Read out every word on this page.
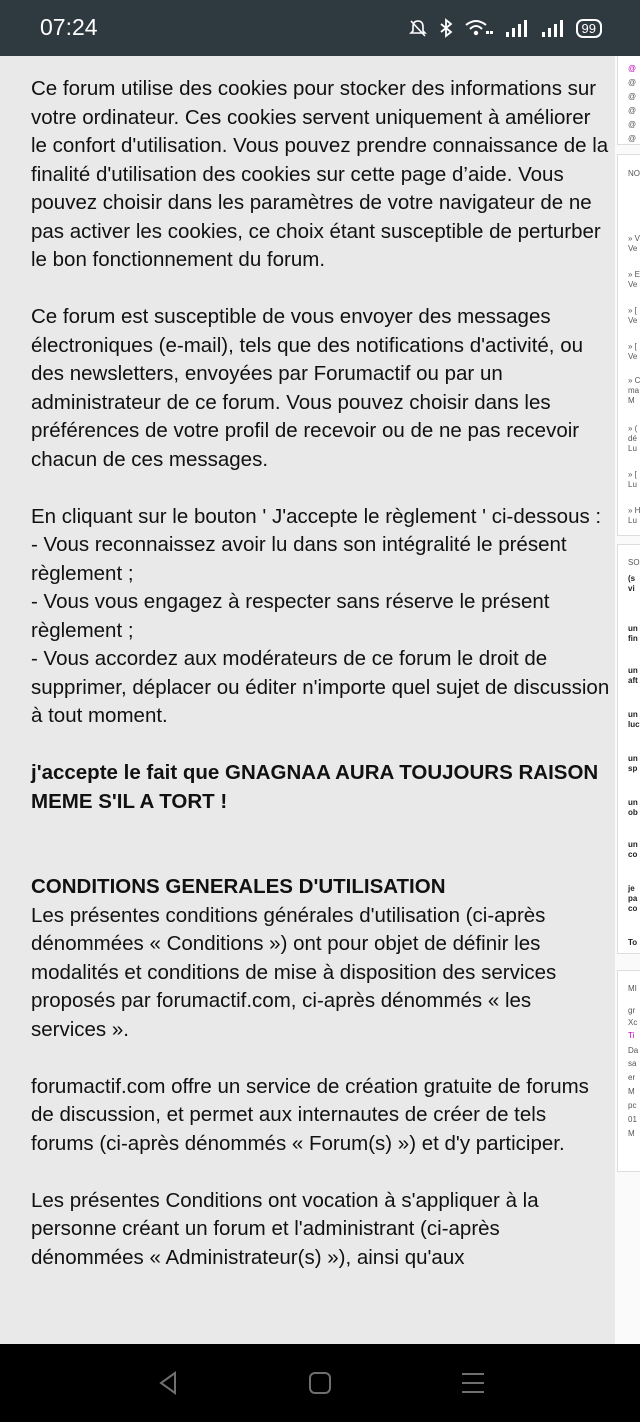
07:24	99

Ce forum utilise des cookies pour stocker des informations sur votre ordinateur. Ces cookies servent uniquement à améliorer le confort d'utilisation. Vous pouvez prendre connaissance de la finalité d'utilisation des cookies sur cette page d’aide. Vous pouvez choisir dans les paramètres de votre navigateur de ne pas activer les cookies, ce choix étant susceptible de perturber le bon fonctionnement du forum.

Ce forum est susceptible de vous envoyer des messages électroniques (e-mail), tels que des notifications d'activité, ou des newsletters, envoyées par Forumactif ou par un administrateur de ce forum. Vous pouvez choisir dans les préférences de votre profil de recevoir ou de ne pas recevoir chacun de ces messages.

En cliquant sur le bouton ' J'accepte le règlement ' ci-dessous :

- Vous reconnaissez avoir lu dans son intégralité le présent règlement ;

- Vous vous engagez à respecter sans réserve le présent règlement ;

- Vous accordez aux modérateurs de ce forum le droit de supprimer, déplacer ou éditer n'importe quel sujet de discussion à tout moment.

j'accepte le fait que GNAGNAA AURA TOUJOURS RAISON MEME S'IL A TORT !

CONDITIONS GENERALES D'UTILISATION

Les présentes conditions générales d'utilisation (ci-après dénommées « Conditions ») ont pour objet de définir les modalités et conditions de mise à disposition des services proposés par forumactif.com, ci-après dénommés « les services ».

forumactif.com offre un service de création gratuite de forums de discussion, et permet aux internautes de créer de tels forums (ci-après dénommés « Forum(s) ») et d'y participer.

Les présentes Conditions ont vocation à s'appliquer à la personne créant un forum et l'administrant (ci-après dénommées « Administrateur(s) »), ainsi qu'aux

@
@
@
@
@
@
NO
» V
Ve
» E
Ve
» [
Ve
» [
Ve
» C
ma
M
» (
dé
Lu
» [
Lu
» H
Lu
SO
(s
vi
un
fin
un
aft
un
luc
un
sp
un
ob
un
co
je
pa
co
To
MI
gr
Xc
Ti
Da
sa
er
M
pc
01
M
